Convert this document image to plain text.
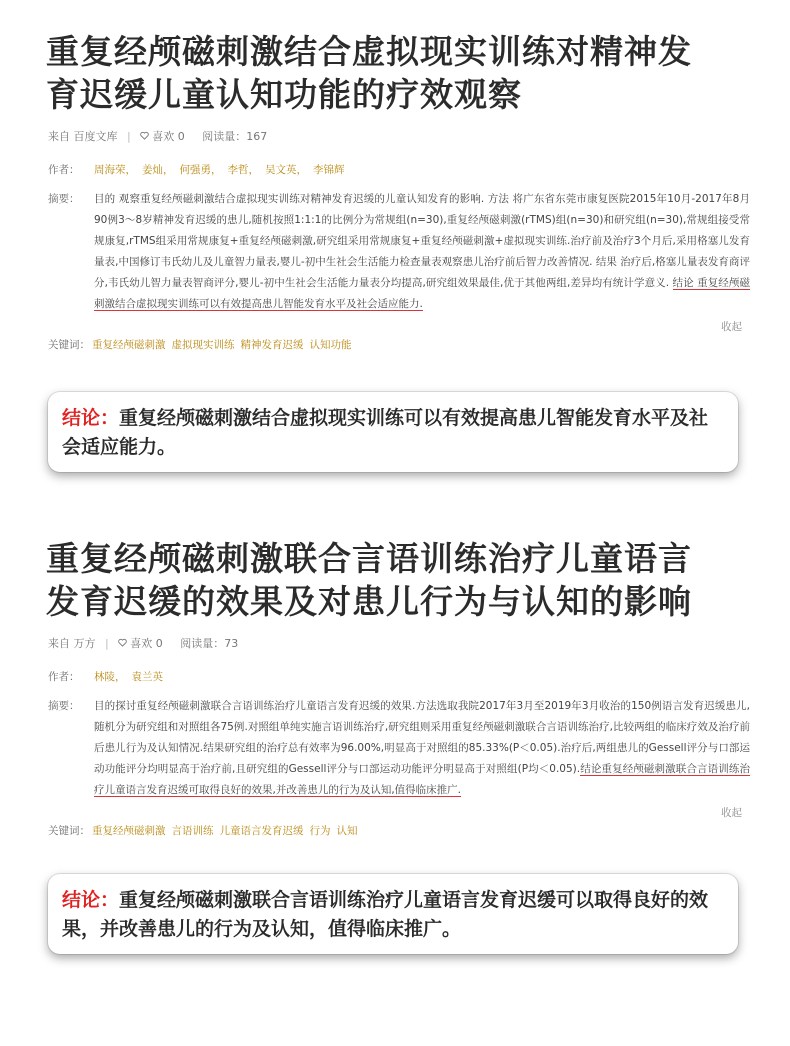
重复经颅磁刺激结合虚拟现实训练对精神发
育迟缓儿童认知功能的疗效观察
来自 百度文库 | 喜欢 0 阅读量：167
作者：	周海荣， 姜灿， 何强勇， 李哲， 吴文英， 李锦辉
摘要：	目的 观察重复经颅磁刺激结合虚拟现实训练对精神发育迟缓的儿童认知发育的影响. 方法 将广东省东莞市康复医院2015年10月-2017年8月90例3～8岁精神发育迟缓的患儿,随机按照1:1:1的比例分为常规组(n=30),重复经颅磁刺激(rTMS)组(n=30)和研究组(n=30),常规组接受常规康复,rTMS组采用常规康复+重复经颅磁刺激,研究组采用常规康复+重复经颅磁刺激+虚拟现实训练.治疗前及治疗3个月后,采用格塞儿发育量表,中国修订韦氏幼儿及儿童智力量表,婴儿-初中生社会生活能力检查量表观察患儿治疗前后智力改善情况. 结果 治疗后,格塞儿量表发育商评分,韦氏幼儿智力量表智商评分,婴儿-初中生社会生活能力量表分均提高,研究组效果最佳,优于其他两组,差异均有统计学意义. 结论 重复经颅磁刺激结合虚拟现实训练可以有效提高患儿智能发育水平及社会适应能力.
收起
关键词： 重复经颅磁刺激 虚拟现实训练 精神发育迟缓 认知功能
结论：重复经颅磁刺激结合虚拟现实训练可以有效提高患儿智能发育水平及社会适应能力。
重复经颅磁刺激联合言语训练治疗儿童语言
发育迟缓的效果及对患儿行为与认知的影响
来自 万方 | 喜欢 0 阅读量：73
作者：	林陵， 袁兰英
摘要：	目的探讨重复经颅磁刺激联合言语训练治疗儿童语言发育迟缓的效果.方法选取我院2017年3月至2019年3月收治的150例语言发育迟缓患儿,随机分为研究组和对照组各75例.对照组单纯实施言语训练治疗,研究组则采用重复经颅磁刺激联合言语训练治疗,比较两组的临床疗效及治疗前后患儿行为及认知情况.结果研究组的治疗总有效率为96.00%,明显高于对照组的85.33%(P＜0.05).治疗后,两组患儿的Gessell评分与口部运动功能评分均明显高于治疗前,且研究组的Gessell评分与口部运动功能评分明显高于对照组(P均＜0.05).结论重复经颅磁刺激联合言语训练治疗儿童语言发育迟缓可取得良好的效果,并改善患儿的行为及认知,值得临床推广.
收起
关键词： 重复经颅磁刺激 言语训练 儿童语言发育迟缓 行为 认知
结论：重复经颅磁刺激联合言语训练治疗儿童语言发育迟缓可以取得良好的效果，并改善患儿的行为及认知，值得临床推广。
